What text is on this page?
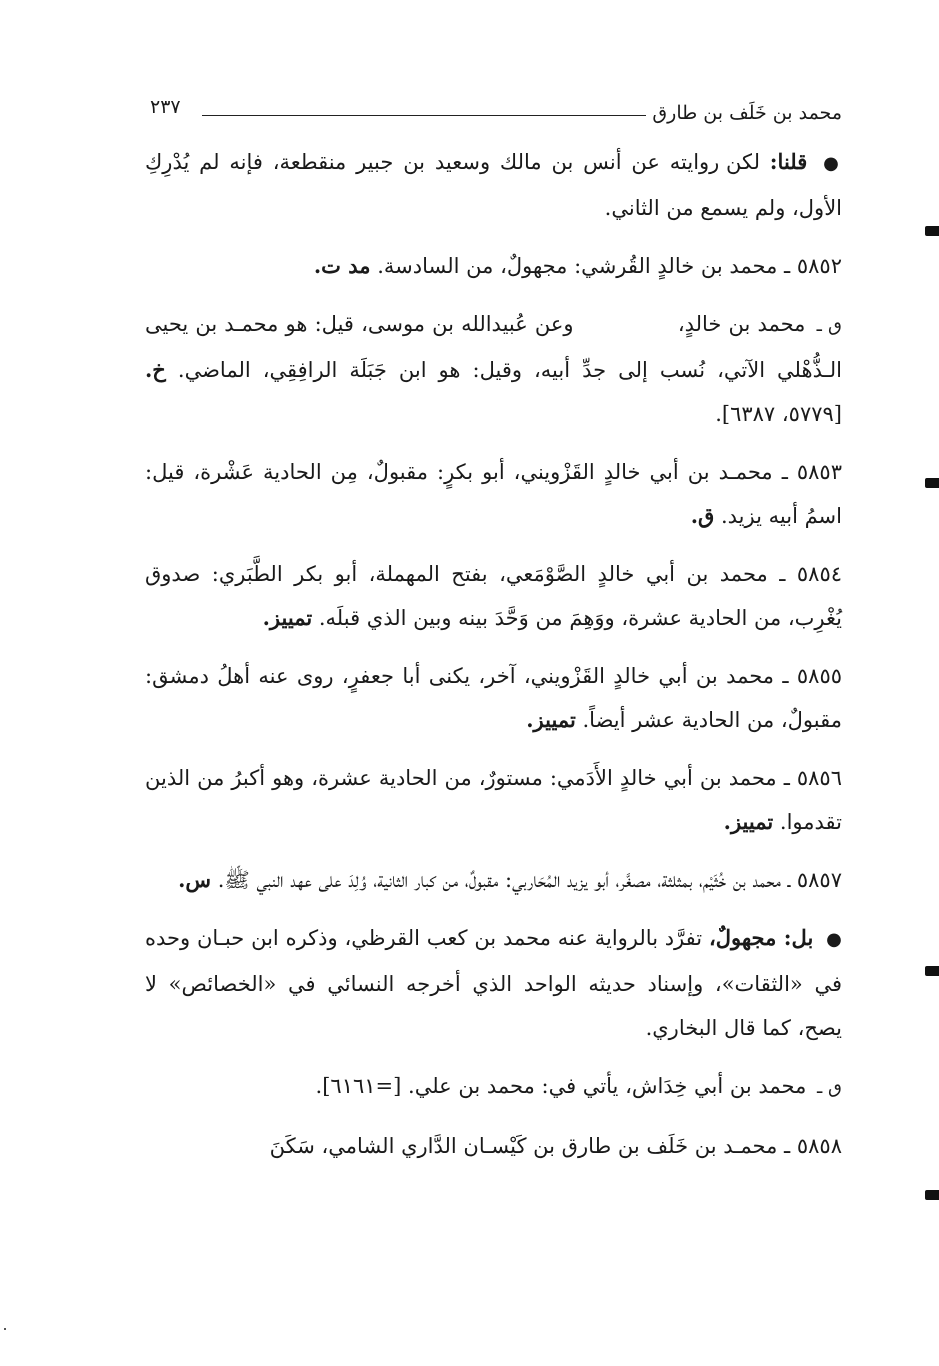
محمد بن خَلَف بن طارق
٢٣٧

● قلنا: لكن روايته عن أنس بن مالك وسعيد بن جبير منقطعة، فإنه لم يُدْرِكِ الأول، ولم يسمع من الثاني.

٥٨٥٢ ـ محمد بن خالدٍ القُرشي: مجهولٌ، من السادسة. مد ت.

ٯ ـ محمد بن خالدٍ،  وعن عُبيدالله بن موسى، قيل: هو محمـد بن يحيى الـذُّهْلي الآتي، نُسب إلى جدِّ أبيه، وقيل: هو ابن جَبَلَة الرافِقِي، الماضي. خ. [٥٧٧٩، ٦٣٨٧].

٥٨٥٣ ـ محمـد بن أبي خالدٍ القَزْويني، أبو بكرٍ: مقبولٌ، مِن الحادية عَشْرة، قيل: اسمُ أبيه يزيد. ق.

٥٨٥٤ ـ محمد بن أبي خالدٍ الصَّوْمَعي، بفتح المهملة، أبو بكر الطَّبَري: صدوق يُغْرِب، من الحادية عشرة، ووَهِمَ من وَحَّدَ بينه وبين الذي قبلَه. تمييز.

٥٨٥٥ ـ محمد بن أبي خالدٍ القَزْويني، آخر، يكنى أبا جعفرٍ، روى عنه أهلُ دمشق: مقبولٌ، من الحادية عشر أيضاً. تمييز.

٥٨٥٦ ـ محمد بن أبي خالدٍ الأَدَمي: مستورٌ، من الحادية عشرة، وهو أكبرُ من الذين تقدموا. تمييز.

٥٨٥٧ ـ محمد بن خُثَيْم، بمثلثة، مصغَّر، أبو يزيد المُحَاربي: مقبولٌ، من كبار الثانية، وُلِدَ على عهد النبي ﷺ. س.

● بل: مجهولٌ، تفرَّد بالرواية عنه محمد بن كعب القرظي، وذكره ابن حبـان وحده في «الثقات»، وإسناد حديثه الواحد الذي أخرجه النسائي في «الخصائص» لا يصح، كما قال البخاري.

ٯ ـ محمد بن أبي خِدَاش، يأتي في: محمد بن علي. [=٦١٦١].

٥٨٥٨ ـ محمـد بن خَلَف بن طارق بن كَيْسـان الدَّاري الشامي، سَكَنَ
